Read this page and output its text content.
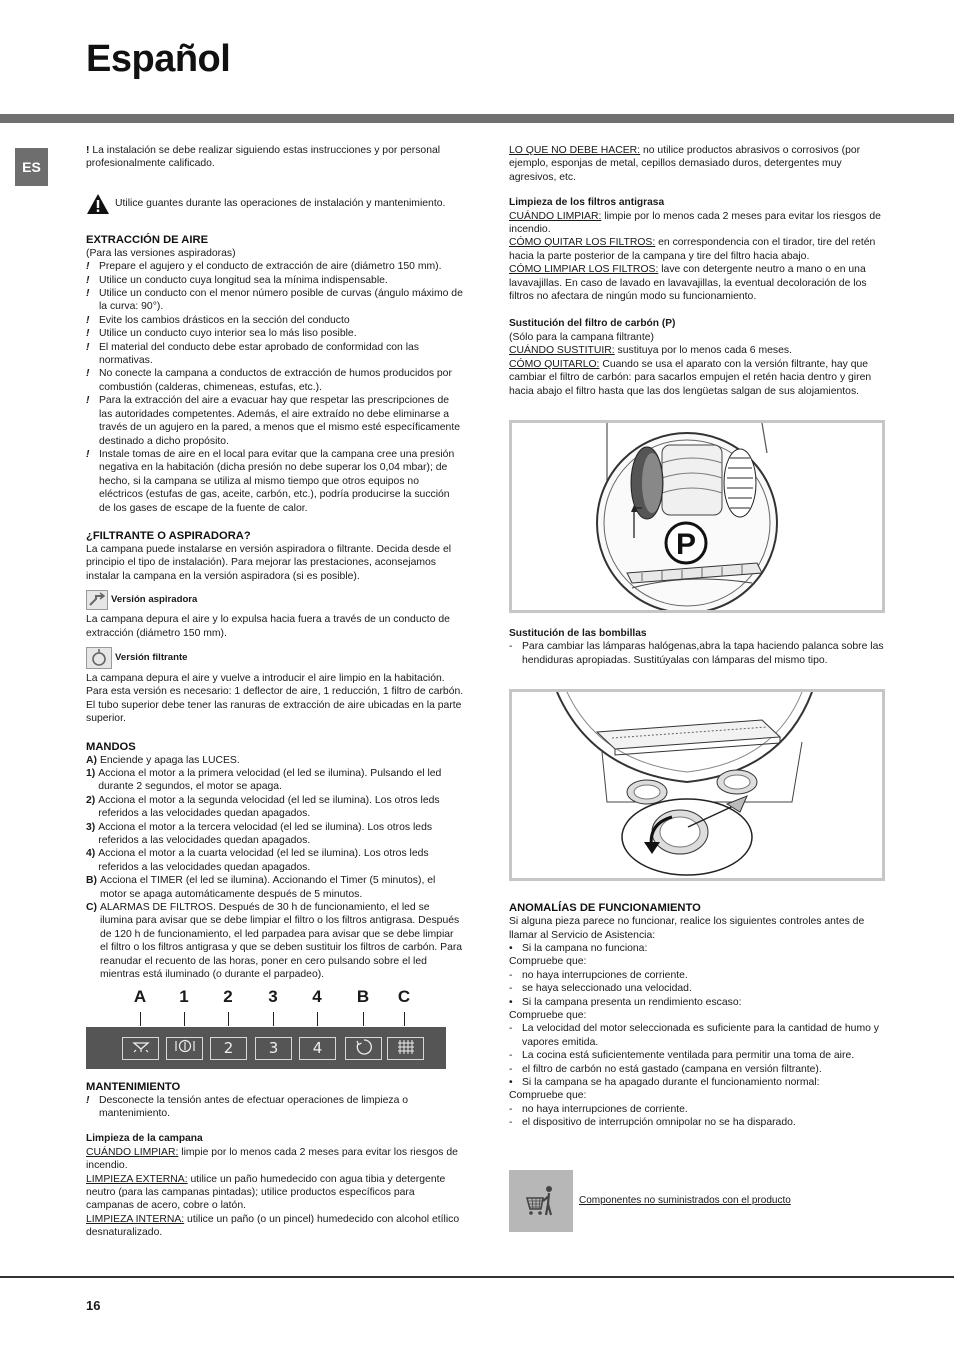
Español
ES

! La instalación se debe realizar siguiendo estas instrucciones y por personal profesionalmente calificado.

Utilice guantes durante las operaciones de instalación y mantenimiento.

EXTRACCIÓN DE AIRE

(Para las versiones aspiradoras)

! Prepare el agujero y el conducto de extracción de aire (diámetro 150 mm).
! Utilice un conducto cuya longitud sea la mínima indispensable.
! Utilice un conducto con el menor número posible de curvas (ángulo máximo de la curva: 90°).
! Evite los cambios drásticos en la sección del conducto
! Utilice un conducto cuyo interior sea lo más liso posible.
! El material del conducto debe estar aprobado de conformidad con las normativas.
! No conecte la campana a conductos de extracción de humos producidos por combustión (calderas, chimeneas, estufas, etc.).
! Para la extracción del aire a evacuar hay que respetar las prescripciones de las autoridades competentes. Además, el aire extraído no debe eliminarse a través de un agujero en la pared, a menos que el mismo esté específicamente destinado a dicho propósito.
! Instale tomas de aire en el local para evitar que la campana cree una presión negativa en la habitación (dicha presión no debe superar los 0,04 mbar); de hecho, si la campana se utiliza al mismo tiempo que otros equipos no eléctricos (estufas de gas, aceite, carbón, etc.), podría producirse la succión de los gases de escape de la fuente de calor.

¿FILTRANTE O ASPIRADORA?

La campana puede instalarse en versión aspiradora o filtrante. Decida desde el principio el tipo de instalación). Para mejorar las prestaciones, aconsejamos instalar la campana en la versión aspiradora (si es posible).

Versión aspiradora

La campana depura el aire y lo expulsa hacia fuera a través de un conducto de extracción (diámetro 150 mm).

Versión filtrante

La campana depura el aire y vuelve a introducir el aire limpio en la habitación. Para esta versión es necesario: 1 deflector de aire, 1 reducción, 1 filtro de carbón. El tubo superior debe tener las ranuras de extracción de aire ubicadas en la parte superior.

MANDOS

A) Enciende y apaga las LUCES.
1) Acciona el motor a la primera velocidad (el led se ilumina). Pulsando el led durante 2 segundos, el motor se apaga.
2) Acciona el motor a la segunda velocidad (el led se ilumina). Los otros leds referidos a las velocidades quedan apagados.
3) Acciona el motor a la tercera velocidad (el led se ilumina). Los otros leds referidos a las velocidades quedan apagados.
4) Acciona el motor a la cuarta velocidad (el led se ilumina). Los otros leds referidos a las velocidades quedan apagados.
B) Acciona el TIMER (el led se ilumina). Accionando el Timer (5 minutos), el motor se apaga automáticamente después de 5 minutos.
C) ALARMAS DE FILTROS. Después de 30 h de funcionamiento, el led se ilumina para avisar que se debe limpiar el filtro o los filtros antigrasa. Después de 120 h de funcionamiento, el led parpadea para avisar que se debe limpiar el filtro o los filtros antigrasa y que se deben sustituir los filtros de carbón. Para reanudar el recuento de las horas, poner en cero pulsando sobre el led mientras está iluminado (o durante el parpadeo).
A	1	2	3	4	B C
2	3	4

MANTENIMIENTO

! Desconecte la tensión antes de efectuar operaciones de limpieza o mantenimiento.

Limpieza de la campana

CUÁNDO LIMPIAR: limpie por lo menos cada 2 meses para evitar los riesgos de incendio.

LIMPIEZA EXTERNA: utilice un paño humedecido con agua tibia y detergente neutro (para las campanas pintadas); utilice productos específicos para campanas de acero, cobre o latón.

LIMPIEZA INTERNA: utilice un paño (o un pincel) humedecido con alcohol etílico desnaturalizado.

LO QUE NO DEBE HACER: no utilice productos abrasivos o corrosivos (por ejemplo, esponjas de metal, cepillos demasiado duros, detergentes muy agresivos, etc.

Limpieza de los filtros antigrasa

CUÁNDO LIMPIAR: limpie por lo menos cada 2 meses para evitar los riesgos de incendio.

CÓMO QUITAR LOS FILTROS: en correspondencia con el tirador, tire del retén hacia la parte posterior de la campana y tire del filtro hacia abajo.

CÓMO LIMPIAR LOS FILTROS: lave con detergente neutro a mano o en una lavavajillas. En caso de lavado en lavavajillas, la eventual decoloración de los filtros no afectara de ningún modo su funcionamiento.

Sustitución del filtro de carbón (P)

(Sólo para la campana filtrante)

CUÁNDO SUSTITUIR: sustituya por lo menos cada 6 meses.

CÓMO QUITARLO: Cuando se usa el aparato con la versión filtrante, hay que cambiar el filtro de carbón: para sacarlos empujen el retén hacia dentro y giren hacia abajo el filtro hasta que las dos lengüetas salgan de sus alojamientos.

P

Sustitución de las bombillas

- Para cambiar las lámparas halógenas,abra la tapa haciendo palanca sobre las hendiduras apropiadas. Sustitúyalas con lámparas del mismo tipo.

ANOMALÍAS DE FUNCIONAMIENTO

Si alguna pieza parece no funcionar, realice los siguientes controles antes de llamar al Servicio de Asistencia:

• Si la campana no funciona:
Compruebe que:
- no haya interrupciones de corriente.
- se haya seleccionado una velocidad.
• Si la campana presenta un rendimiento escaso:
Compruebe que:
- La velocidad del motor seleccionada es suficiente para la cantidad de humo y vapores emitida.
- La cocina está suficientemente ventilada para permitir una toma de aire.
- el filtro de carbón no está gastado (campana en versión filtrante).
• Si la campana se ha apagado durante el funcionamiento normal:
Compruebe que:
- no haya interrupciones de corriente.
- el dispositivo de interrupción omnipolar no se ha disparado.
Componentes no suministrados con el producto
16
